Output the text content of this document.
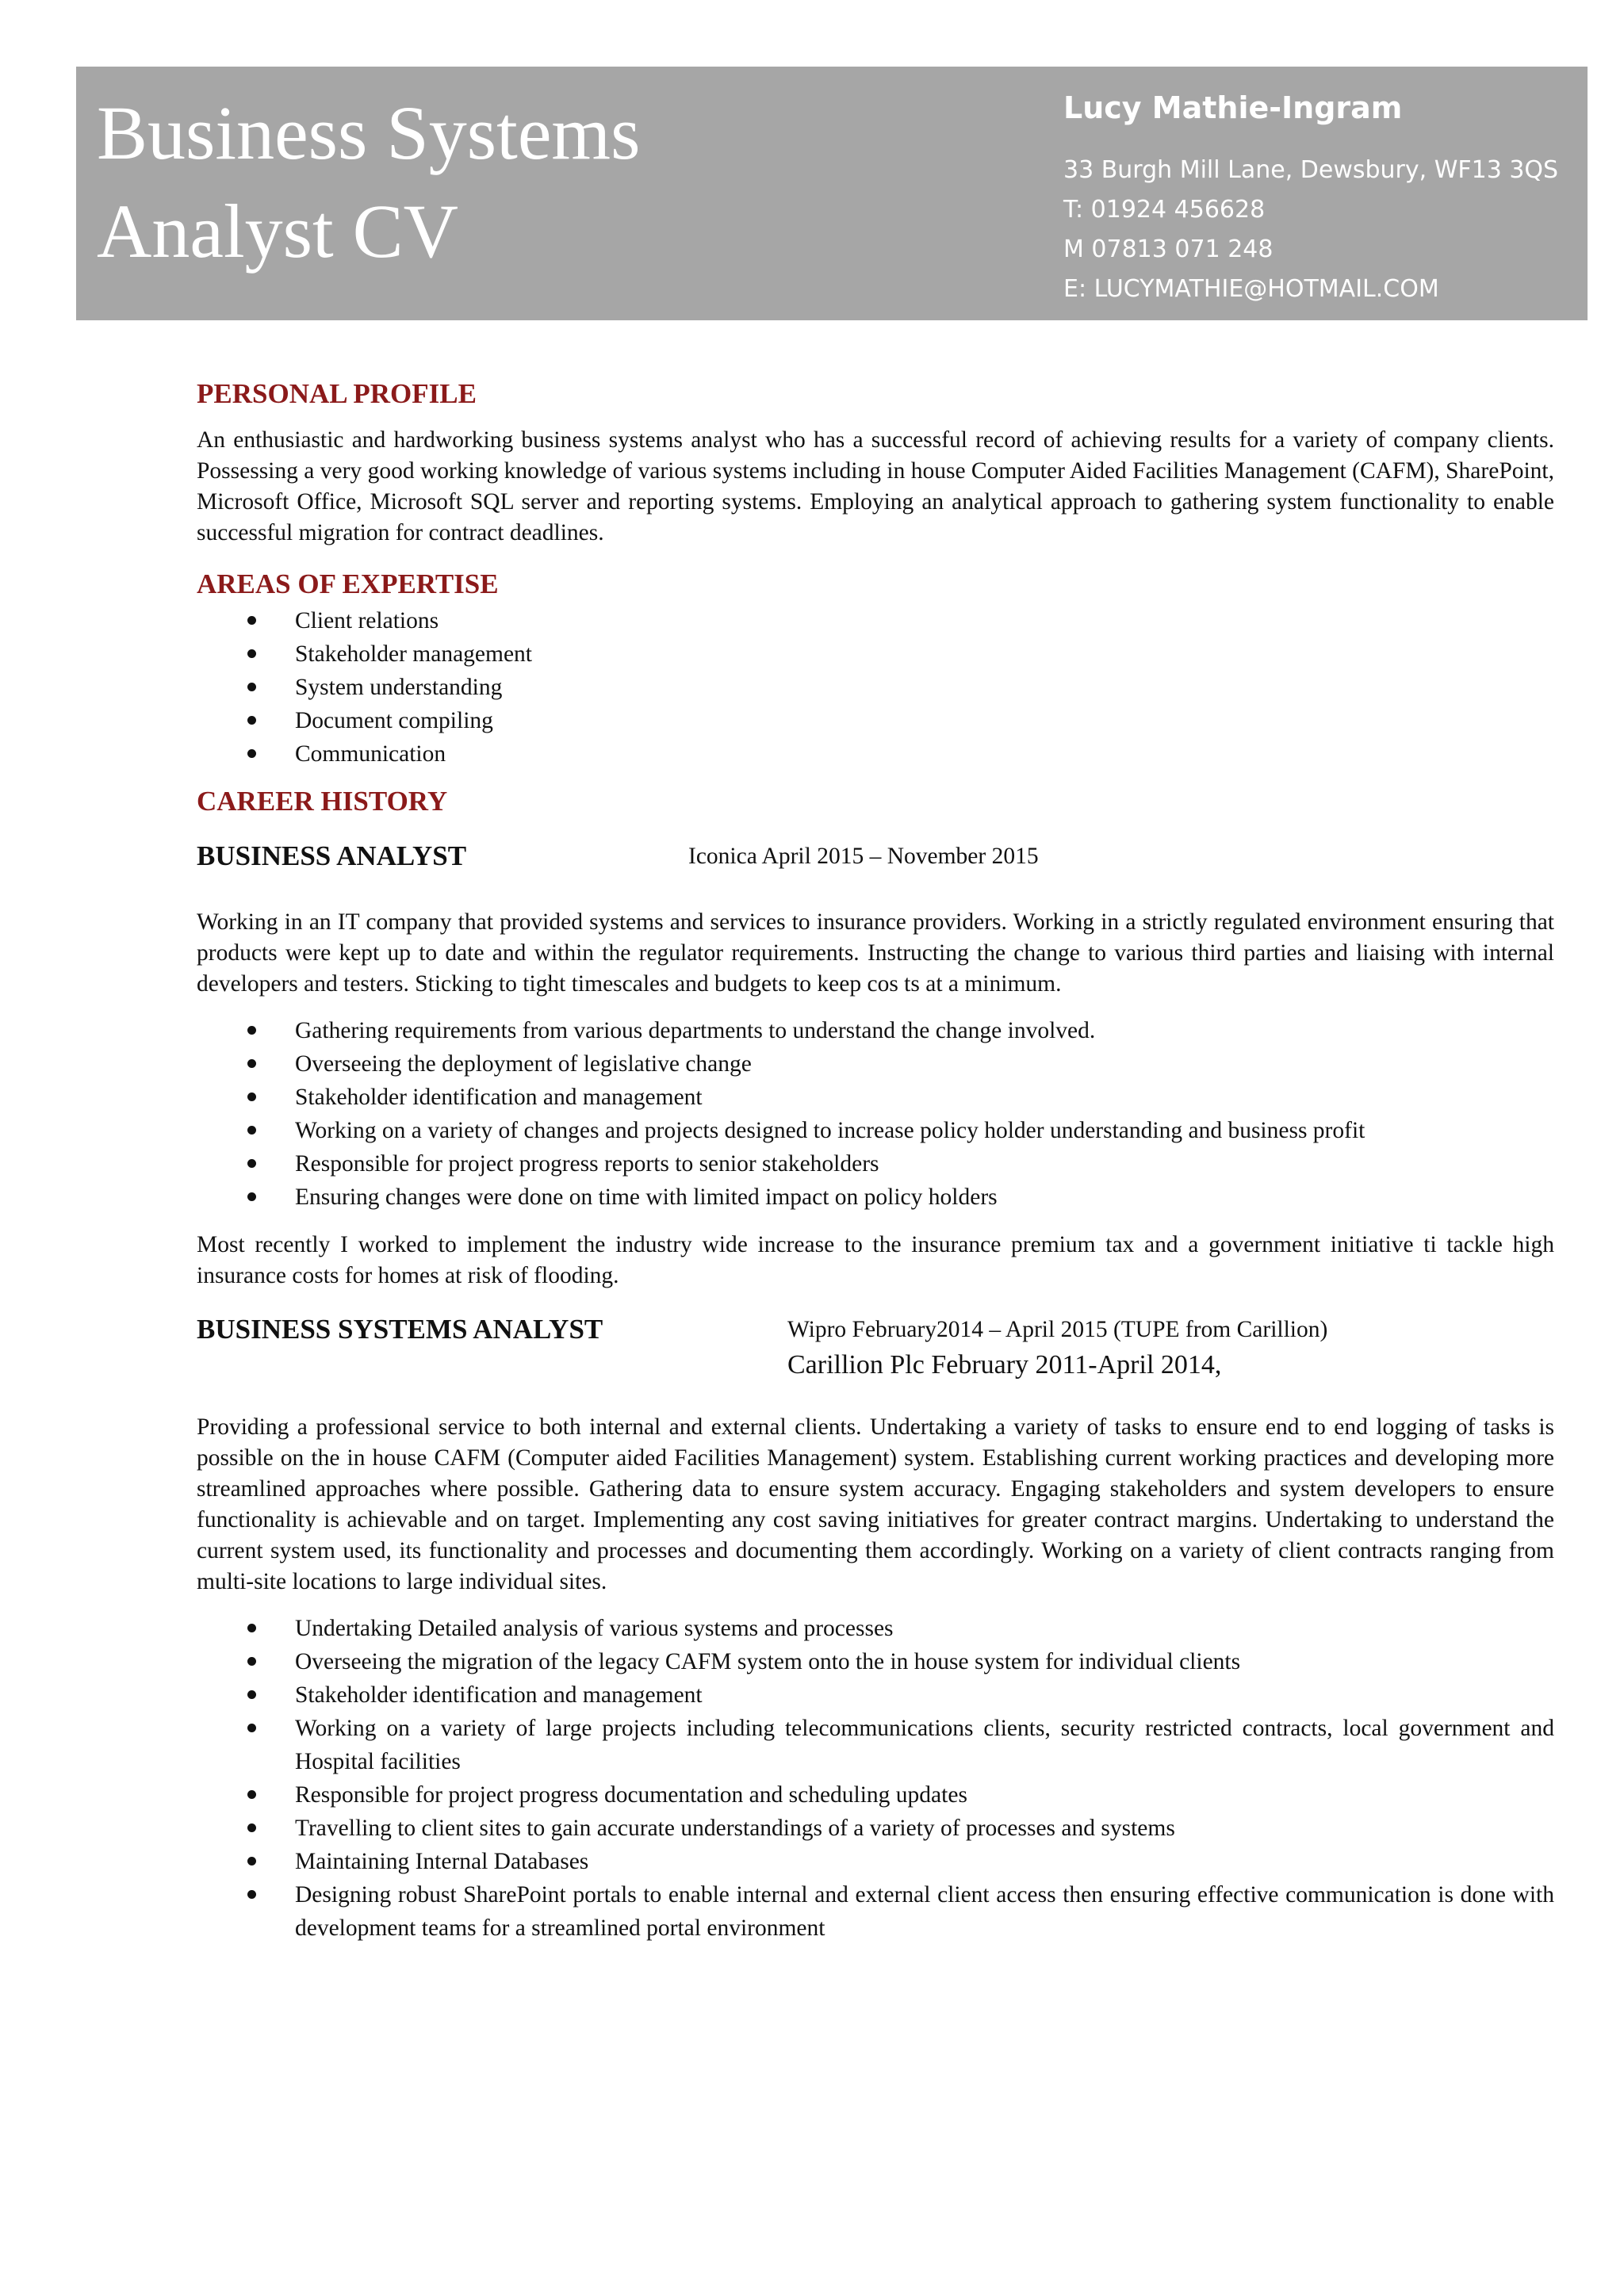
Business Systems
Analyst CV
Lucy Mathie-Ingram
33 Burgh Mill Lane, Dewsbury, WF13 3QS
T: 01924 456628
M 07813 071 248
E: LUCYMATHIE@HOTMAIL.COM
PERSONAL PROFILE

An enthusiastic and hardworking business systems analyst who has a successful record of achieving results for a variety of company clients. Possessing a very good working knowledge of various systems including in house Computer Aided Facilities Management (CAFM), SharePoint, Microsoft Office, Microsoft SQL server and reporting systems. Employing an analytical approach to gathering system functionality to enable successful migration for contract deadlines.

AREAS OF EXPERTISE
Client relations
Stakeholder management
System understanding
Document compiling
Communication
CAREER HISTORY
BUSINESS ANALYST	Iconica April 2015 – November 2015

Working in an IT company that provided systems and services to insurance providers. Working in a strictly regulated environment ensuring that products were kept up to date and within the regulator requirements. Instructing the change to various third parties and liaising with internal developers and testers. Sticking to tight timescales and budgets to keep cos ts at a minimum.

Gathering requirements from various departments to understand the change involved.
Overseeing the deployment of legislative change
Stakeholder identification and management
Working on a variety of changes and projects designed to increase policy holder understanding and business profit
Responsible for project progress reports to senior stakeholders
Ensuring changes were done on time with limited impact on policy holders

Most recently I worked to implement the industry wide increase to the insurance premium tax and a government initiative ti tackle high insurance costs for homes at risk of flooding.

BUSINESS SYSTEMS ANALYST	Wipro February2014 – April 2015 (TUPE from Carillion)
Carillion Plc February 2011-April 2014,

Providing a professional service to both internal and external clients. Undertaking a variety of tasks to ensure end to end logging of tasks is possible on the in house CAFM (Computer aided Facilities Management) system. Establishing current working practices and developing more streamlined approaches where possible. Gathering data to ensure system accuracy. Engaging stakeholders and system developers to ensure functionality is achievable and on target. Implementing any cost saving initiatives for greater contract margins. Undertaking to understand the current system used, its functionality and processes and documenting them accordingly. Working on a variety of client contracts ranging from multi-site locations to large individual sites.

Undertaking Detailed analysis of various systems and processes
Overseeing the migration of the legacy CAFM system onto the in house system for individual clients
Stakeholder identification and management
Working on a variety of large projects including telecommunications clients, security restricted contracts, local government and Hospital facilities
Responsible for project progress documentation and scheduling updates
Travelling to client sites to gain accurate understandings of a variety of processes and systems
Maintaining Internal Databases
Designing robust SharePoint portals to enable internal and external client access then ensuring effective communication is done with development teams for a streamlined portal environment
